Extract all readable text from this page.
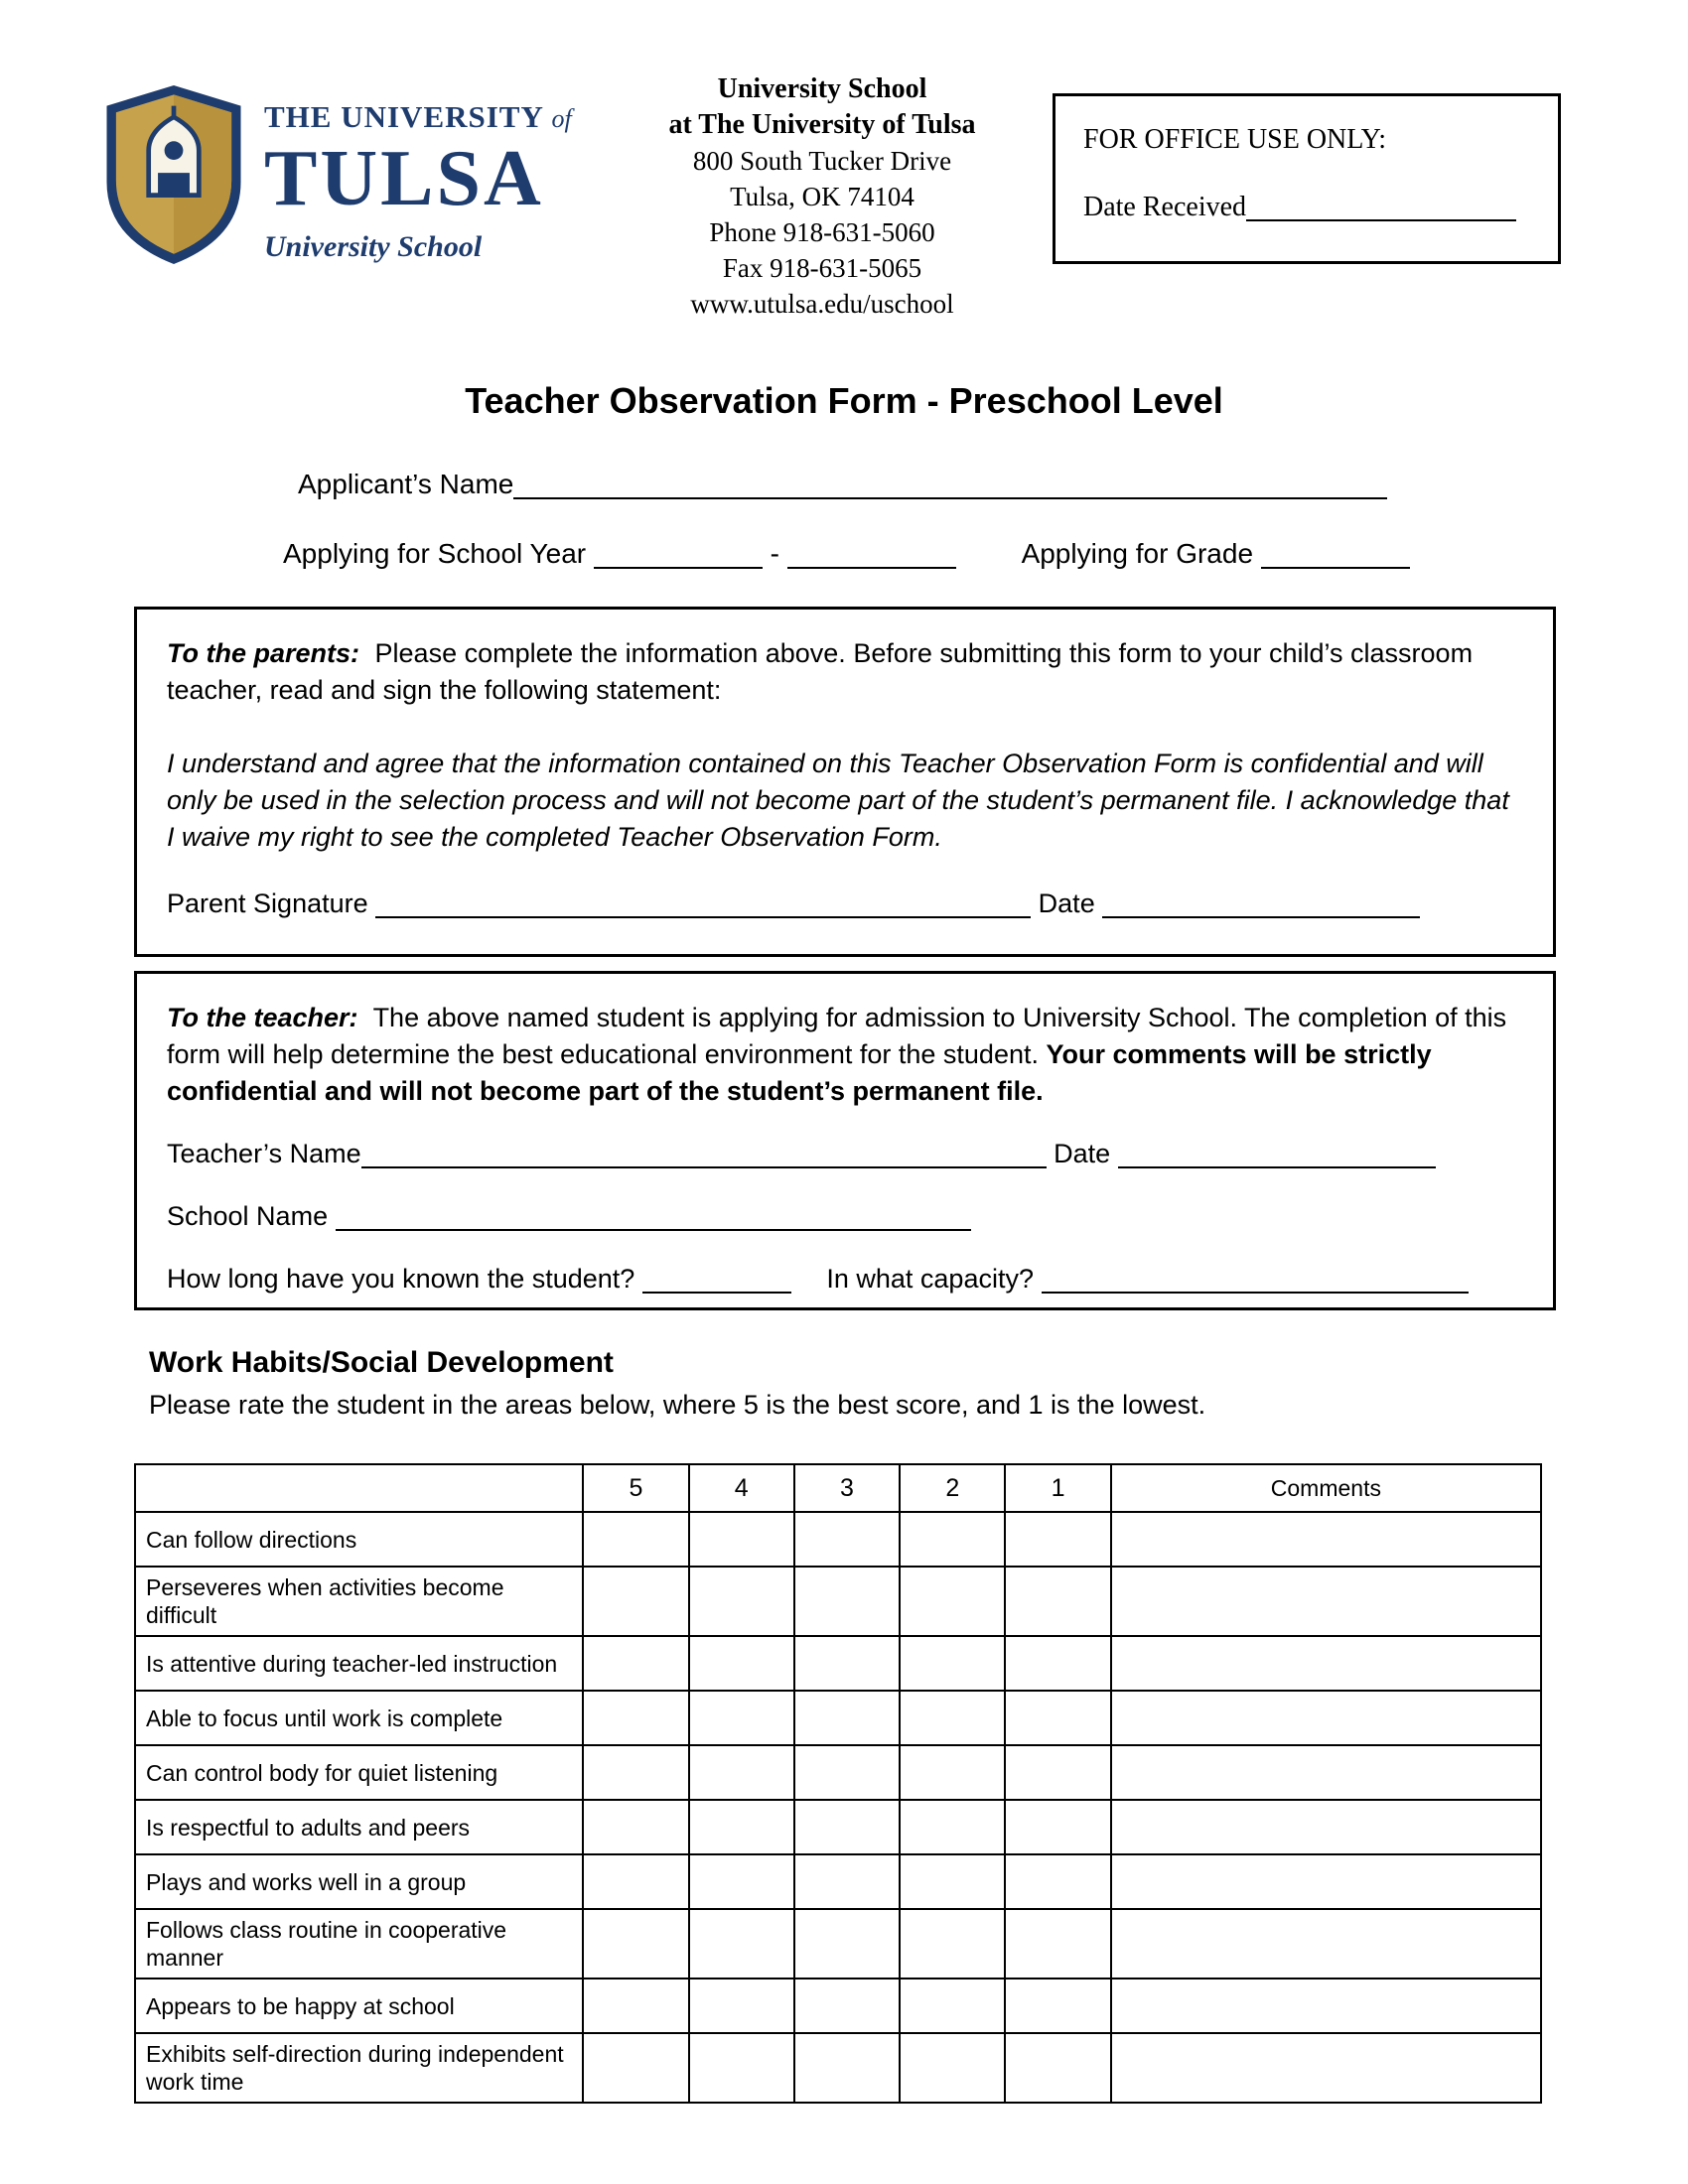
THE UNIVERSITY of
TULSA
University School
University School
at The University of Tulsa
800 South Tucker Drive
Tulsa, OK 74104
Phone 918-631-5060
Fax 918-631-5065
www.utulsa.edu/uschool
FOR OFFICE USE ONLY:
Date Received
Teacher Observation Form - Preschool Level
Applicant’s Name
Applying for School Year	-	Applying for Grade

To the parents: Please complete the information above. Before submitting this form to your child’s classroom teacher, read and sign the following statement:

I understand and agree that the information contained on this Teacher Observation Form is confidential and will only be used in the selection process and will not become part of the student’s permanent file. I acknowledge that I waive my right to see the completed Teacher Observation Form.

Parent Signature	Date

To the teacher: The above named student is applying for admission to University School. The completion of this form will help determine the best educational environment for the student. Your comments will be strictly confidential and will not become part of the student’s permanent file.

Teacher’s Name	Date
School Name
How long have you known the student?	In what capacity?
Work Habits/Social Development

Please rate the student in the areas below, where 5 is the best score, and 1 is the lowest.

	5	4	3	2	1	Comments
Can follow directions						
Perseveres when activities become difficult						
Is attentive during teacher-led instruction						
Able to focus until work is complete						
Can control body for quiet listening						
Is respectful to adults and peers						
Plays and works well in a group						
Follows class routine in cooperative manner						
Appears to be happy at school						
Exhibits self-direction during independent work time						
